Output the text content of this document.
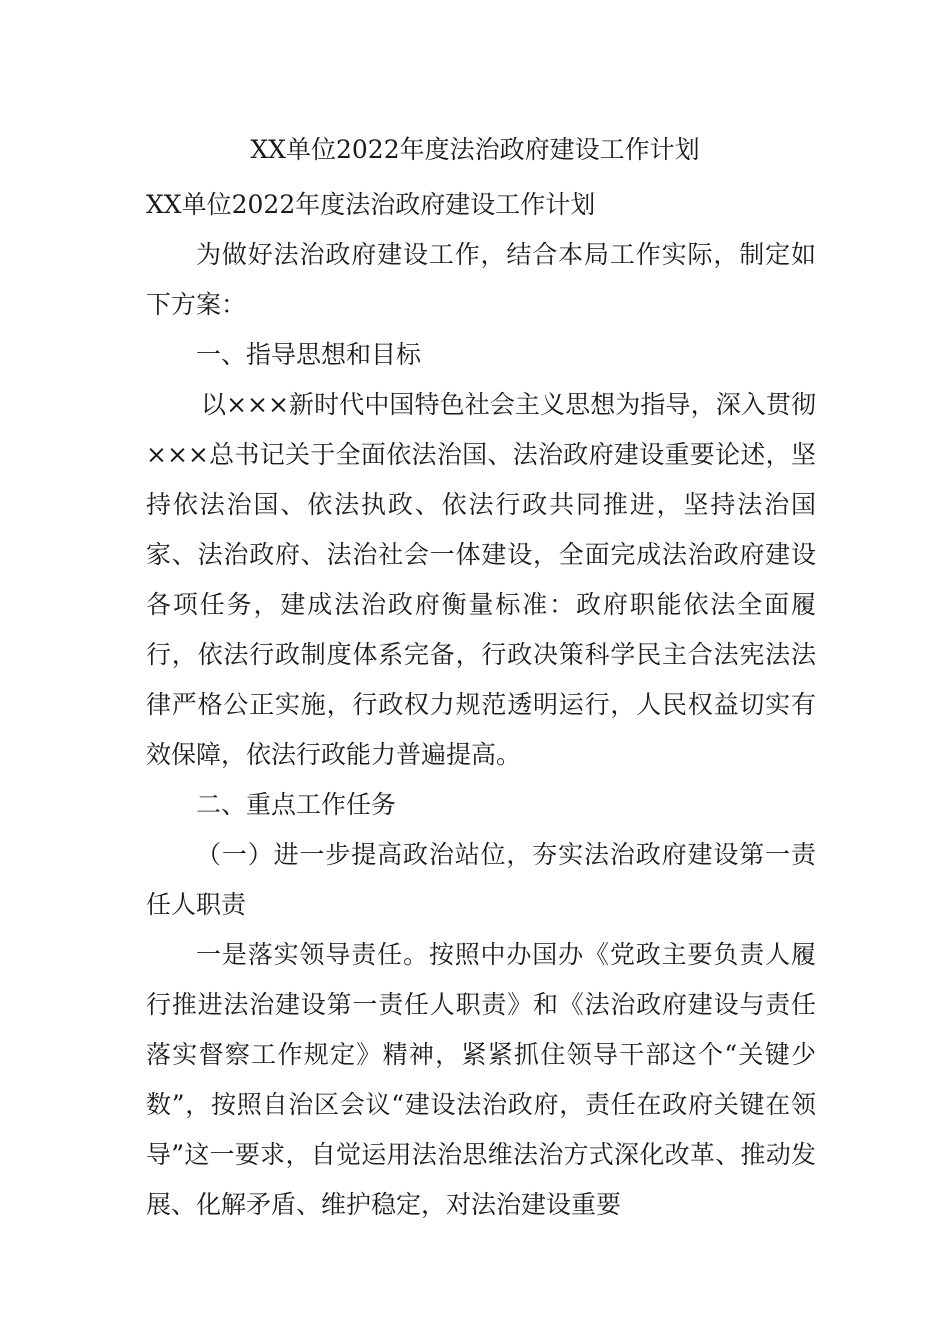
XX单位2022年度法治政府建设工作计划

XX单位2022年度法治政府建设工作计划

为做好法治政府建设工作，结合本局工作实际，制定如下方案：

一、指导思想和目标

以×××新时代中国特色社会主义思想为指导，深入贯彻×××总书记关于全面依法治国、法治政府建设重要论述，坚持依法治国、依法执政、依法行政共同推进，坚持法治国家、法治政府、法治社会一体建设，全面完成法治政府建设各项任务，建成法治政府衡量标准：政府职能依法全面履行，依法行政制度体系完备，行政决策科学民主合法宪法法律严格公正实施，行政权力规范透明运行，人民权益切实有效保障，依法行政能力普遍提高。

二、重点工作任务

（一）进一步提高政治站位，夯实法治政府建设第一责任人职责

一是落实领导责任。按照中办国办《党政主要负责人履行推进法治建设第一责任人职责》和《法治政府建设与责任落实督察工作规定》精神，紧紧抓住领导干部这个“关键少数”，按照自治区会议“建设法治政府，责任在政府关键在领导”这一要求，自觉运用法治思维法治方式深化改革、推动发展、化解矛盾、维护稳定，对法治建设重要
